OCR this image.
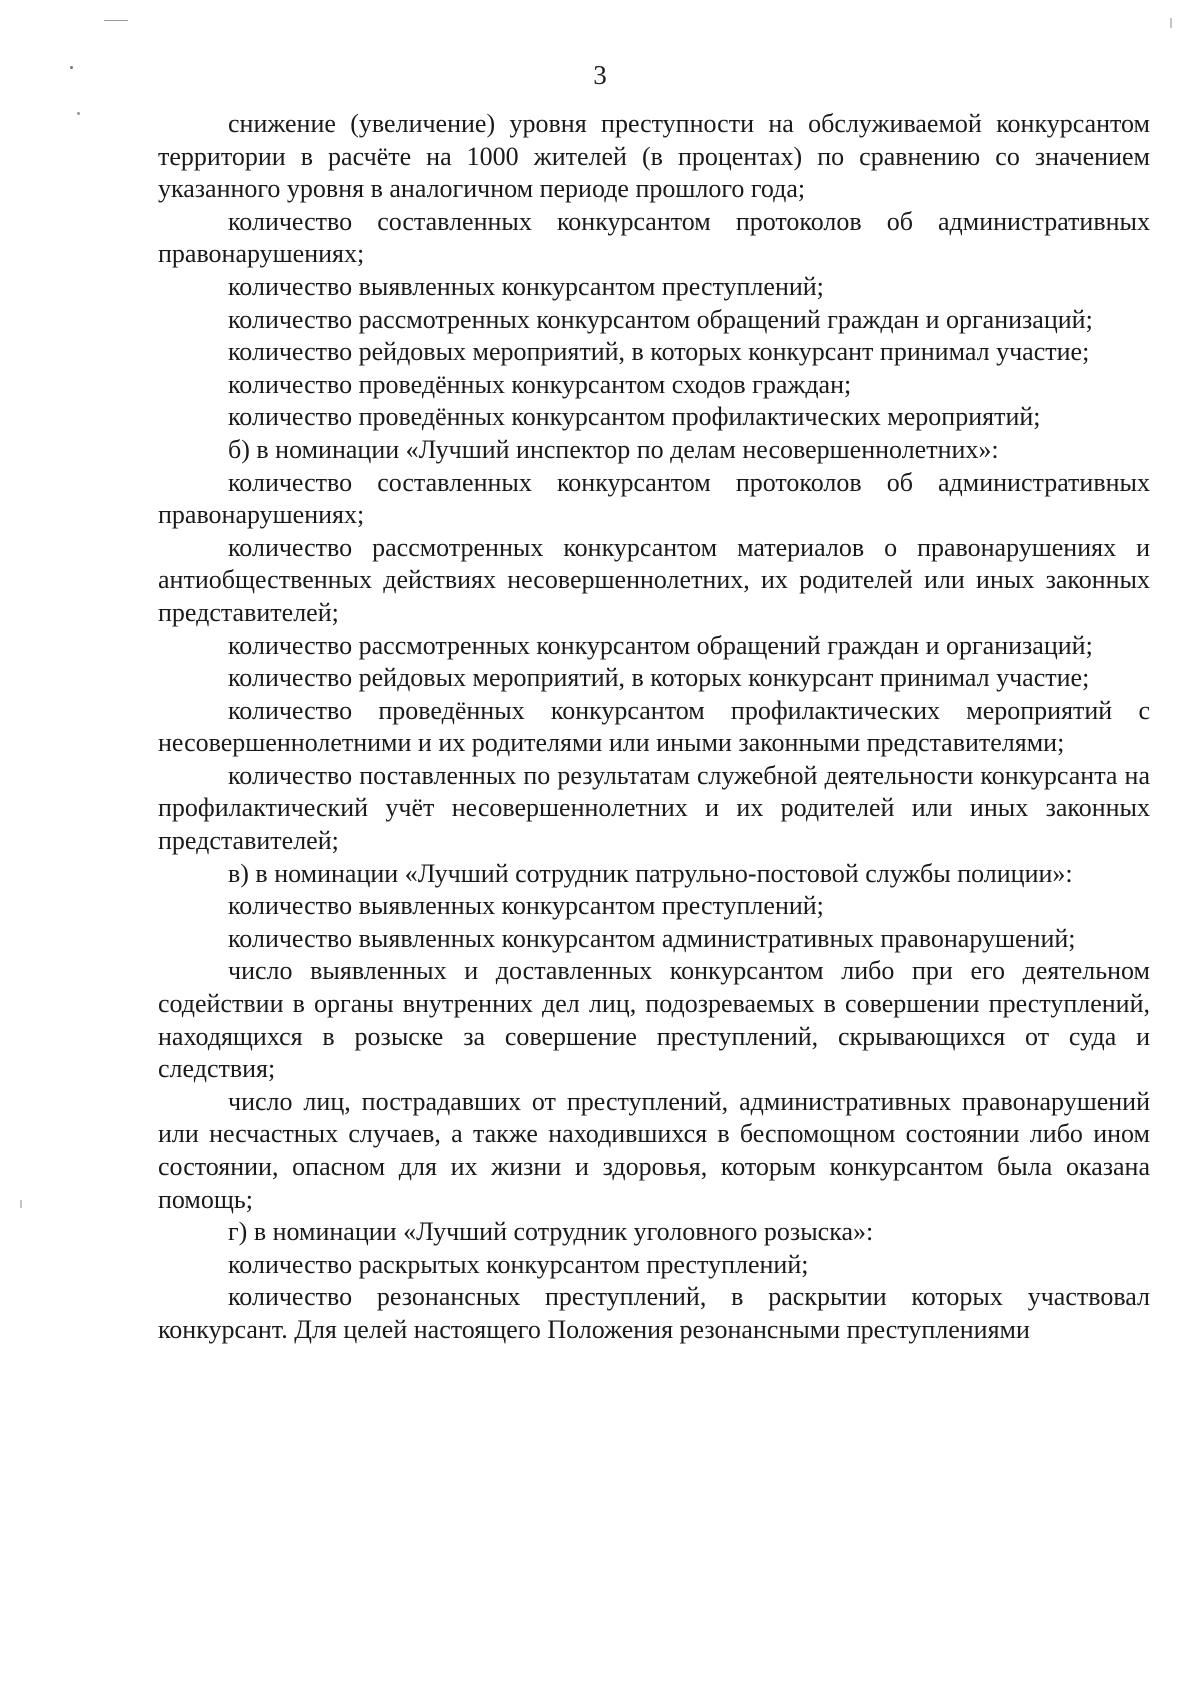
3

снижение (увеличение) уровня преступности на обслуживаемой конкурсантом территории в расчёте на 1000 жителей (в процентах) по сравнению со значением указанного уровня в аналогичном периоде прошлого года;

количество составленных конкурсантом протоколов об административных правонарушениях;

количество выявленных конкурсантом преступлений;

количество рассмотренных конкурсантом обращений граждан и организаций;

количество рейдовых мероприятий, в которых конкурсант принимал участие;

количество проведённых конкурсантом сходов граждан;

количество проведённых конкурсантом профилактических мероприятий;

б) в номинации «Лучший инспектор по делам несовершеннолетних»:

количество составленных конкурсантом протоколов об административных правонарушениях;

количество рассмотренных конкурсантом материалов о правонарушениях и антиобщественных действиях несовершеннолетних, их родителей или иных законных представителей;

количество рассмотренных конкурсантом обращений граждан и организаций;

количество рейдовых мероприятий, в которых конкурсант принимал участие;

количество проведённых конкурсантом профилактических мероприятий с несовершеннолетними и их родителями или иными законными представителями;

количество поставленных по результатам служебной деятельности конкурсанта на профилактический учёт несовершеннолетних и их родителей или иных законных представителей;

в) в номинации «Лучший сотрудник патрульно-постовой службы полиции»:

количество выявленных конкурсантом преступлений;

количество выявленных конкурсантом административных правонарушений;

число выявленных и доставленных конкурсантом либо при его деятельном содействии в органы внутренних дел лиц, подозреваемых в совершении преступлений, находящихся в розыске за совершение преступлений, скрывающихся от суда и следствия;

число лиц, пострадавших от преступлений, административных правонарушений или несчастных случаев, а также находившихся в беспомощном состоянии либо ином состоянии, опасном для их жизни и здоровья, которым конкурсантом была оказана помощь;

г) в номинации «Лучший сотрудник уголовного розыска»:

количество раскрытых конкурсантом преступлений;

количество резонансных преступлений, в раскрытии которых участвовал конкурсант. Для целей настоящего Положения резонансными преступлениями
